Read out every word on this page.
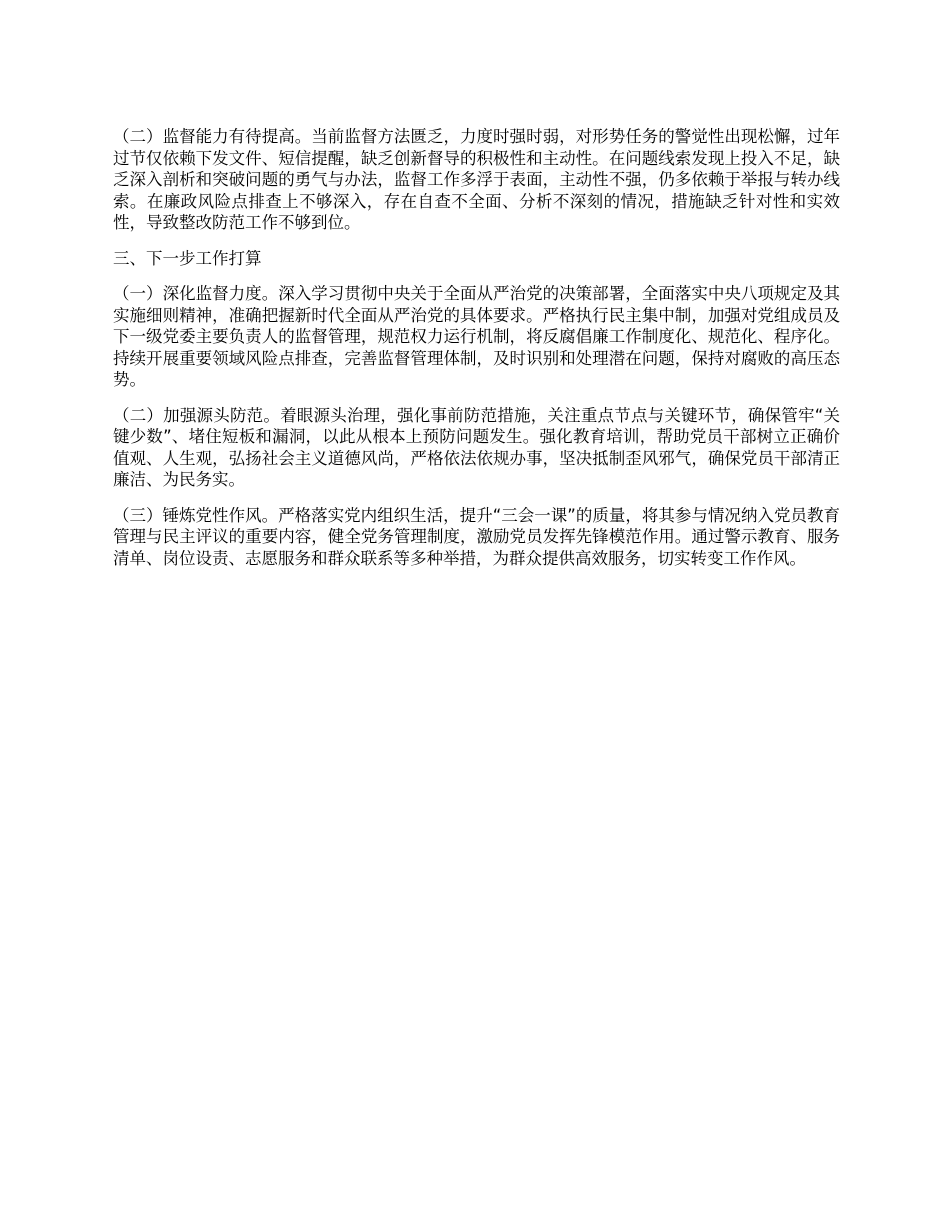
（二）监督能力有待提高。当前监督方法匮乏，力度时强时弱，对形势任务的警觉性出现松懈，过年过节仅依赖下发文件、短信提醒，缺乏创新督导的积极性和主动性。在问题线索发现上投入不足，缺乏深入剖析和突破问题的勇气与办法，监督工作多浮于表面，主动性不强，仍多依赖于举报与转办线索。在廉政风险点排查上不够深入，存在自查不全面、分析不深刻的情况，措施缺乏针对性和实效性，导致整改防范工作不够到位。

三、下一步工作打算

（一）深化监督力度。深入学习贯彻中央关于全面从严治党的决策部署，全面落实中央八项规定及其实施细则精神，准确把握新时代全面从严治党的具体要求。严格执行民主集中制，加强对党组成员及下一级党委主要负责人的监督管理，规范权力运行机制，将反腐倡廉工作制度化、规范化、程序化。持续开展重要领域风险点排查，完善监督管理体制，及时识别和处理潜在问题，保持对腐败的高压态势。

（二）加强源头防范。着眼源头治理，强化事前防范措施，关注重点节点与关键环节，确保管牢“关键少数”、堵住短板和漏洞，以此从根本上预防问题发生。强化教育培训，帮助党员干部树立正确价值观、人生观，弘扬社会主义道德风尚，严格依法依规办事，坚决抵制歪风邪气，确保党员干部清正廉洁、为民务实。

（三）锤炼党性作风。严格落实党内组织生活，提升“三会一课”的质量，将其参与情况纳入党员教育管理与民主评议的重要内容，健全党务管理制度，激励党员发挥先锋模范作用。通过警示教育、服务清单、岗位设责、志愿服务和群众联系等多种举措，为群众提供高效服务，切实转变工作作风。
